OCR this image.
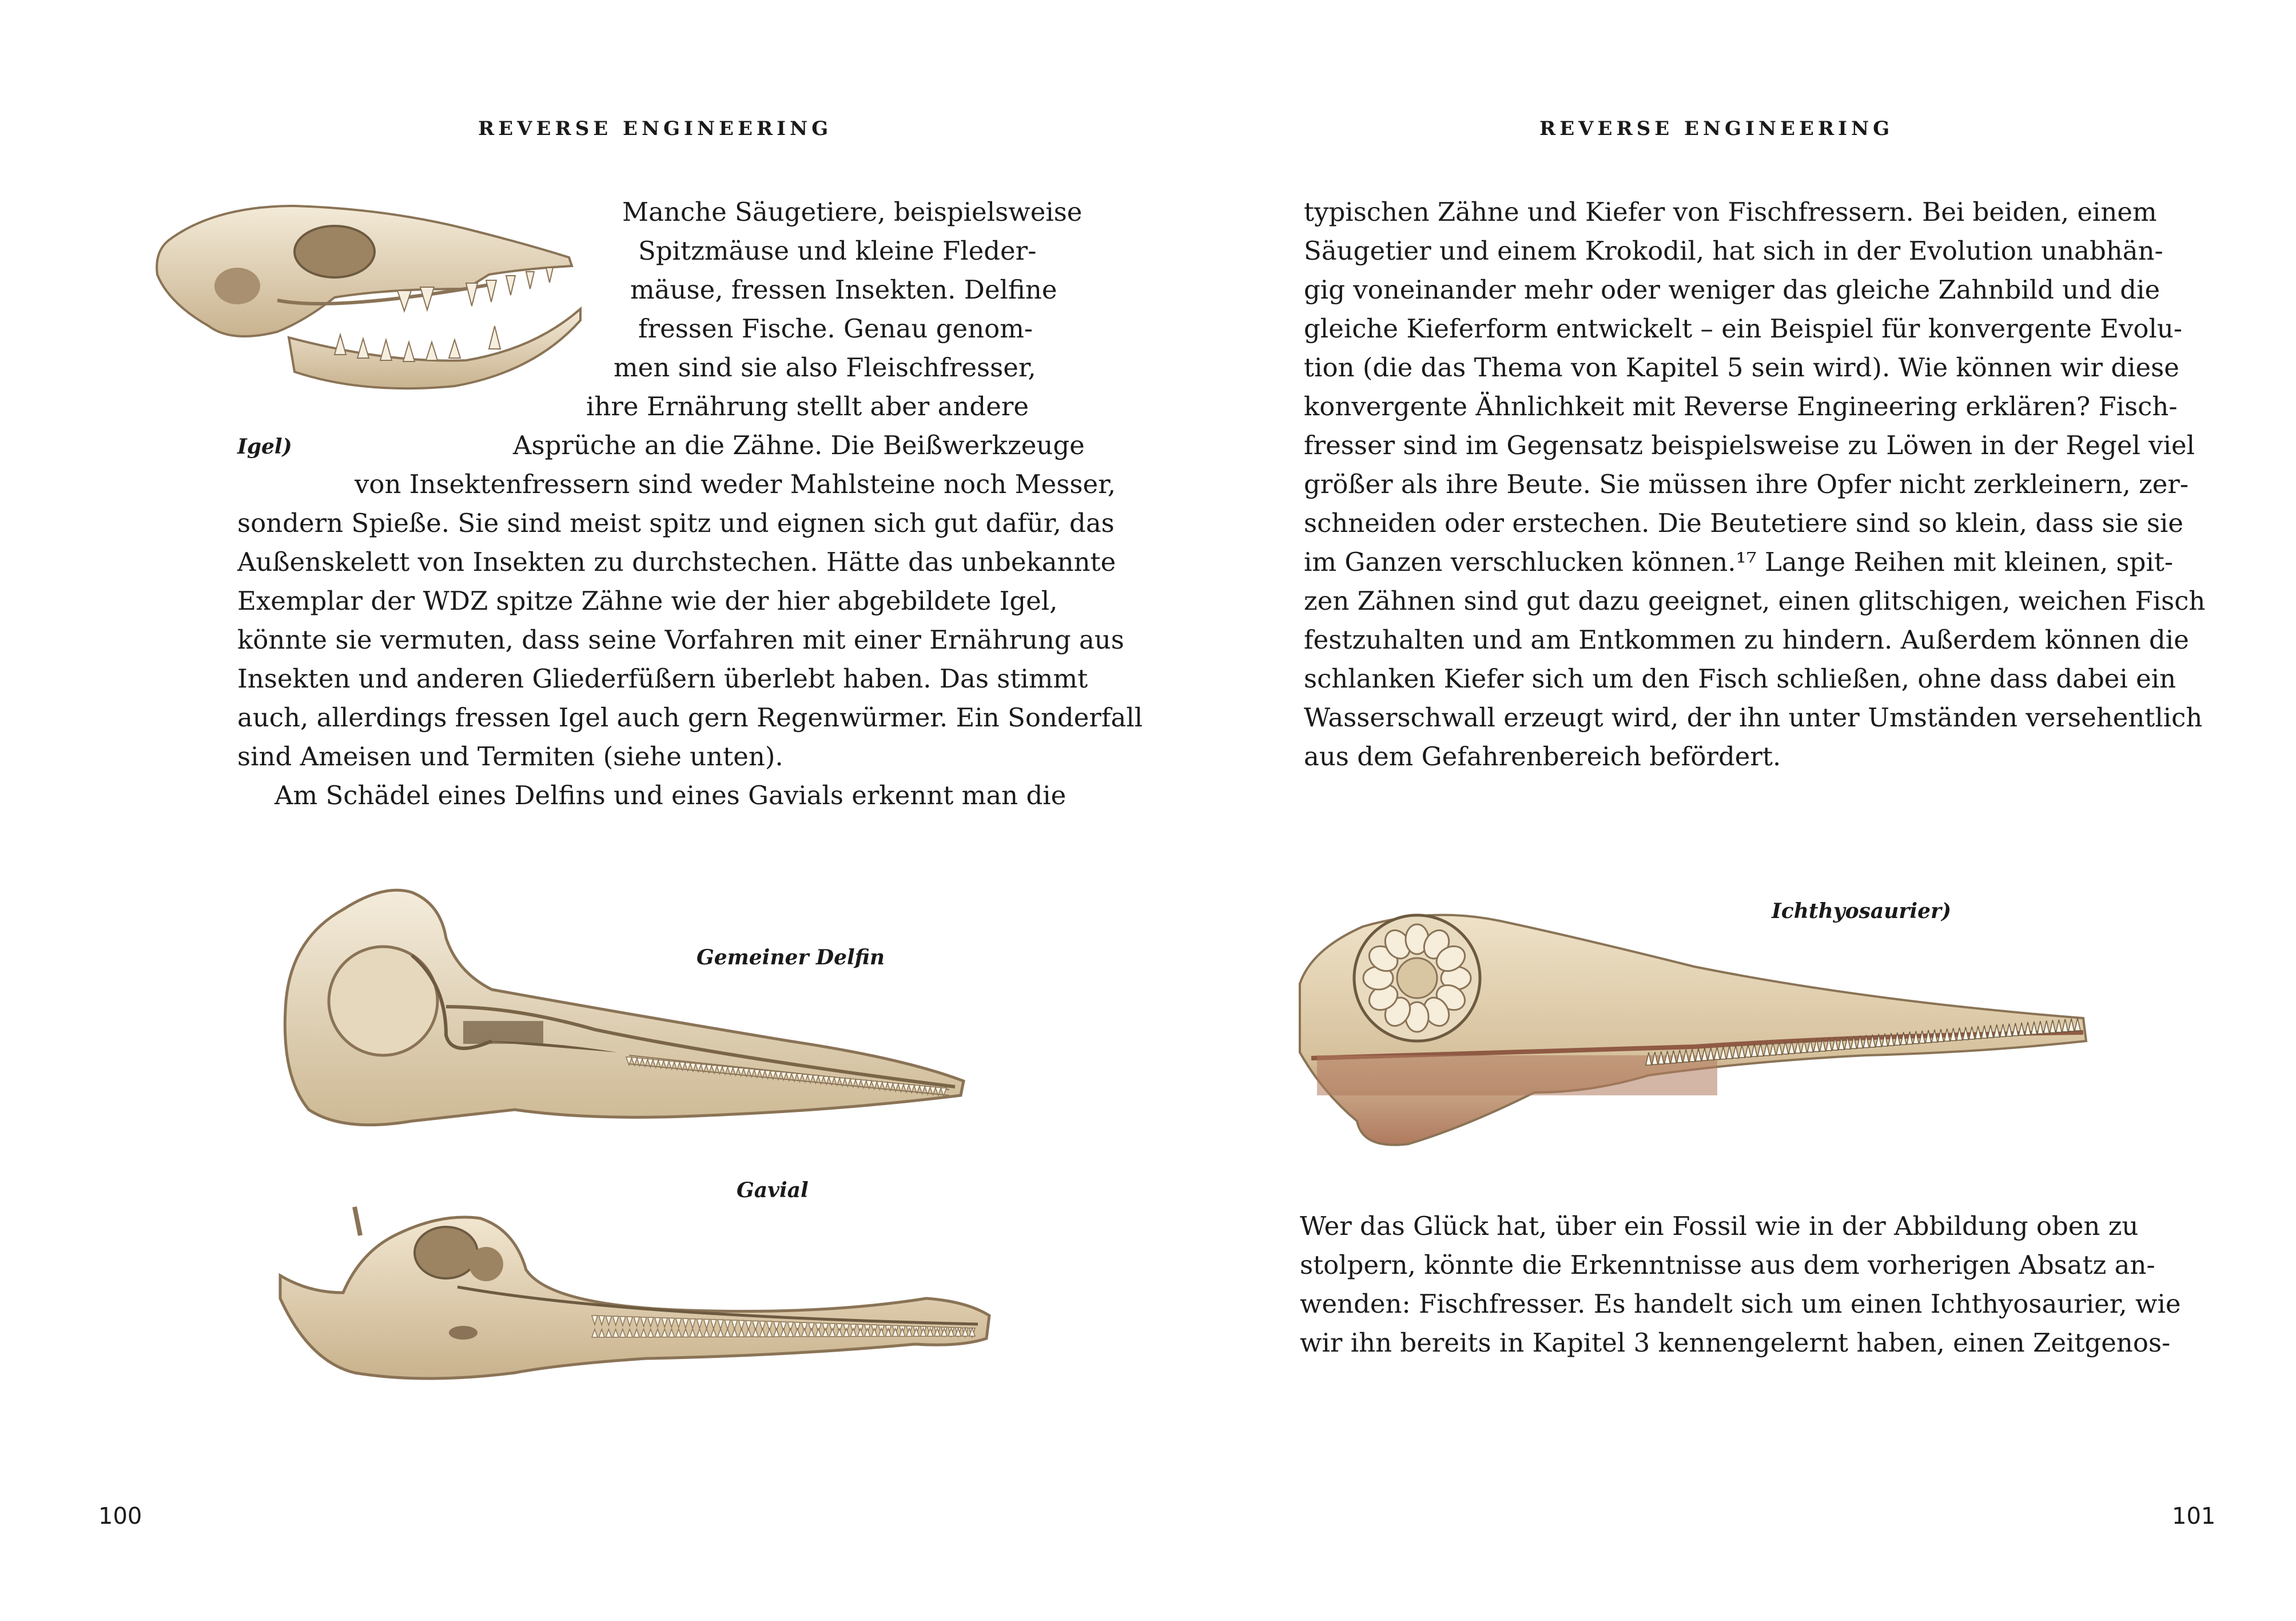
REVERSE ENGINEERING
Igel)
Manche Säugetiere, beispielsweise
Spitzmäuse und kleine Fleder-
mäuse, fressen Insekten. Delfine
fressen Fische. Genau genom-
men sind sie also Fleischfresser,
ihre Ernährung stellt aber andere
Asprüche an die Zähne. Die Beißwerkzeuge
von Insektenfressern sind weder Mahlsteine noch Messer,
sondern Spieße. Sie sind meist spitz und eignen sich gut dafür, das
Außenskelett von Insekten zu durchstechen. Hätte das unbekannte
Exemplar der WDZ spitze Zähne wie der hier abgebildete Igel,
könnte sie vermuten, dass seine Vorfahren mit einer Ernährung aus
Insekten und anderen Gliederfüßern überlebt haben. Das stimmt
auch, allerdings fressen Igel auch gern Regenwürmer. Ein Sonderfall
sind Ameisen und Termiten (siehe unten).
Am Schädel eines Delfins und eines Gavials erkennt man die
Gemeiner Delfin
Gavial
100
REVERSE ENGINEERING
typischen Zähne und Kiefer von Fischfressern. Bei beiden, einem
Säugetier und einem Krokodil, hat sich in der Evolution unabhän-
gig voneinander mehr oder weniger das gleiche Zahnbild und die
gleiche Kieferform entwickelt – ein Beispiel für konvergente Evolu-
tion (die das Thema von Kapitel 5 sein wird). Wie können wir diese
konvergente Ähnlichkeit mit Reverse Engineering erklären? Fisch-
fresser sind im Gegensatz beispielsweise zu Löwen in der Regel viel
größer als ihre Beute. Sie müssen ihre Opfer nicht zerkleinern, zer-
schneiden oder erstechen. Die Beutetiere sind so klein, dass sie sie
im Ganzen verschlucken können.¹⁷ Lange Reihen mit kleinen, spit-
zen Zähnen sind gut dazu geeignet, einen glitschigen, weichen Fisch
festzuhalten und am Entkommen zu hindern. Außerdem können die
schlanken Kiefer sich um den Fisch schließen, ohne dass dabei ein
Wasserschwall erzeugt wird, der ihn unter Umständen versehentlich
aus dem Gefahrenbereich befördert.
Ichthyosaurier)
Wer das Glück hat, über ein Fossil wie in der Abbildung oben zu
stolpern, könnte die Erkenntnisse aus dem vorherigen Absatz an-
wenden: Fischfresser. Es handelt sich um einen Ichthyosaurier, wie
wir ihn bereits in Kapitel 3 kennengelernt haben, einen Zeitgenos-
101
